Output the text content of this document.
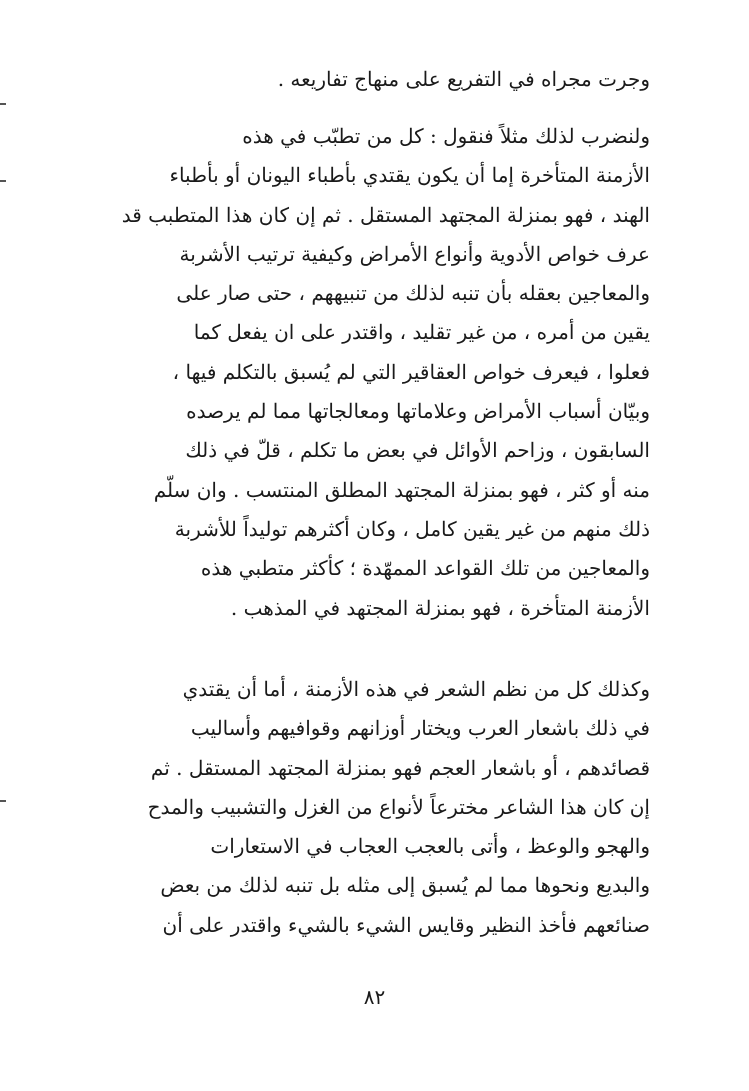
وجرت مجراه في التفريع على منهاج تفاريعه .
ولنضرب لذلك مثلاً فنقول : كل من تطبّب في هذه
الأزمنة المتأخرة إما أن يكون يقتدي بأطباء اليونان أو بأطباء
الهند ، فهو بمنزلة المجتهد المستقل . ثم إن كان هذا المتطبب قد
عرف خواص الأدوية وأنواع الأمراض وكيفية ترتيب الأشربة
والمعاجين بعقله بأن تنبه لذلك من تنبيههم ، حتى صار على
يقين من أمره ، من غير تقليد ، واقتدر على ان يفعل كما
فعلوا ، فيعرف خواص العقاقير التي لم يُسبق بالتكلم فيها ،
وبيّان أسباب الأمراض وعلاماتها ومعالجاتها مما لم يرصده
السابقون ، وزاحم الأوائل في بعض ما تكلم ، قلّ في ذلك
منه أو كثر ، فهو بمنزلة المجتهد المطلق المنتسب . وان سلّم
ذلك منهم من غير يقين كامل ، وكان أكثرهم توليداً للأشربة
والمعاجين من تلك القواعد الممهّدة ؛ كأكثر متطبي هذه
الأزمنة المتأخرة ، فهو بمنزلة المجتهد في المذهب .
وكذلك كل من نظم الشعر في هذه الأزمنة ، أما أن يقتدي
في ذلك باشعار العرب ويختار أوزانهم وقوافيهم وأساليب
قصائدهم ، أو باشعار العجم فهو بمنزلة المجتهد المستقل . ثم
إن كان هذا الشاعر مخترعاً لأنواع من الغزل والتشبيب والمدح
والهجو والوعظ ، وأتى بالعجب العجاب في الاستعارات
والبديع ونحوها مما لم يُسبق إلى مثله بل تنبه لذلك من بعض
صنائعهم فأخذ النظير وقايس الشيء بالشيء واقتدر على أن
٨٢
